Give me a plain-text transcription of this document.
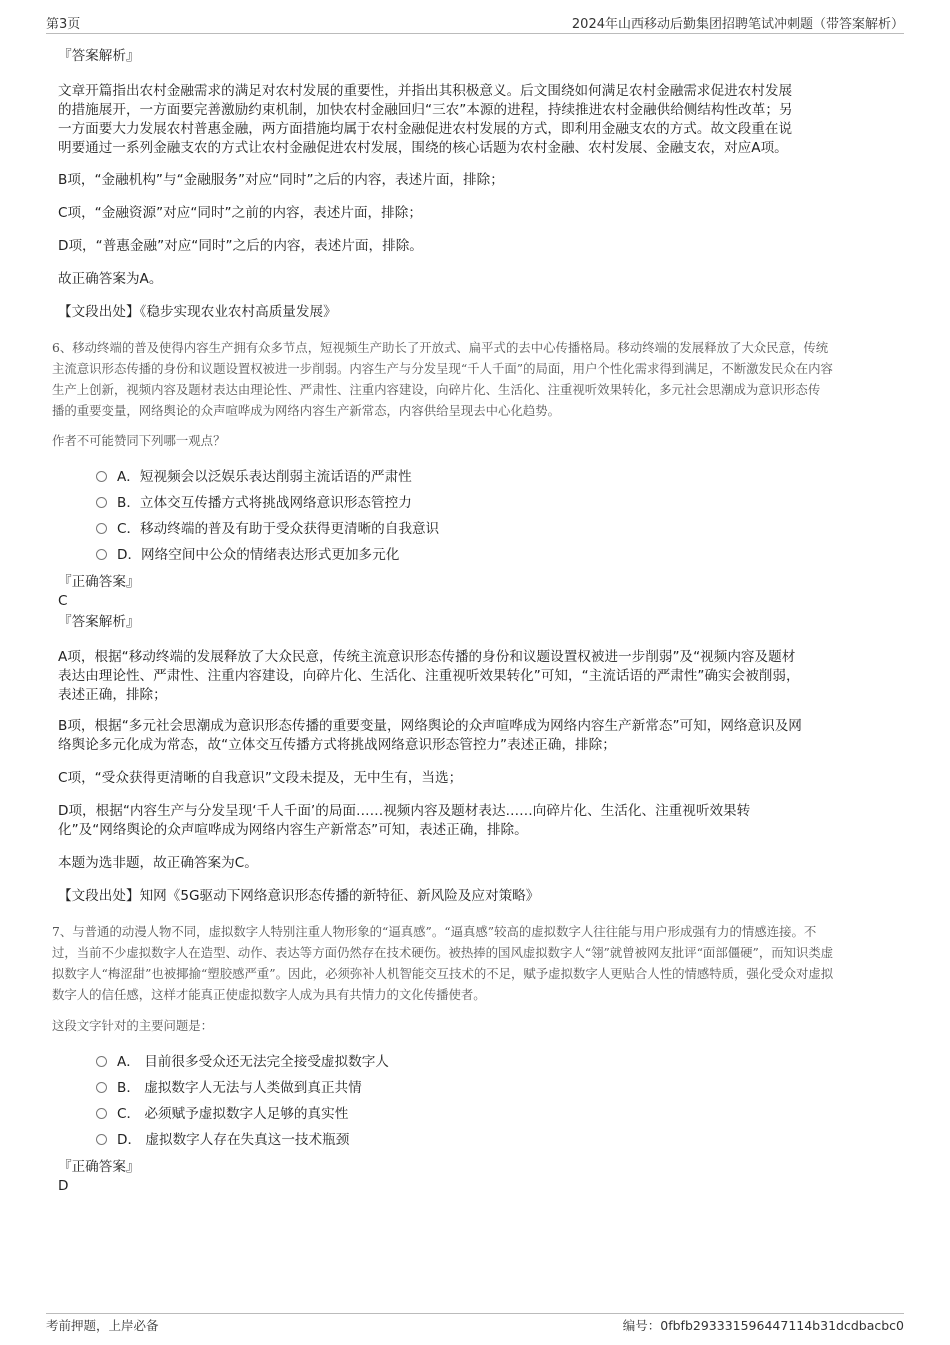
第3页	2024年山西移动后勤集团招聘笔试冲刺题（带答案解析）
『答案解析』
文章开篇指出农村金融需求的满足对农村发展的重要性，并指出其积极意义。后文围绕如何满足农村金融需求促进农村发展
的措施展开，一方面要完善激励约束机制，加快农村金融回归“三农”本源的进程，持续推进农村金融供给侧结构性改革；另
一方面要大力发展农村普惠金融，两方面措施均属于农村金融促进农村发展的方式，即利用金融支农的方式。故文段重在说
明要通过一系列金融支农的方式让农村金融促进农村发展，围绕的核心话题为农村金融、农村发展、金融支农，对应A项。
B项，“金融机构”与“金融服务”对应“同时”之后的内容，表述片面，排除；
C项，“金融资源”对应“同时”之前的内容，表述片面，排除；
D项，“普惠金融”对应“同时”之后的内容，表述片面，排除。
故正确答案为A。
【文段出处】《稳步实现农业农村高质量发展》
6、移动终端的普及使得内容生产拥有众多节点，短视频生产助长了开放式、扁平式的去中心传播格局。移动终端的发展释放了大众民意，传统
主流意识形态传播的身份和议题设置权被进一步削弱。内容生产与分发呈现“千人千面”的局面，用户个性化需求得到满足，不断激发民众在内容
生产上创新，视频内容及题材表达由理论性、严肃性、注重内容建设，向碎片化、生活化、注重视听效果转化，多元社会思潮成为意识形态传
播的重要变量，网络舆论的众声喧哗成为网络内容生产新常态，内容供给呈现去中心化趋势。
作者不可能赞同下列哪一观点？
A．短视频会以泛娱乐表达削弱主流话语的严肃性
B．立体交互传播方式将挑战网络意识形态管控力
C．移动终端的普及有助于受众获得更清晰的自我意识
D．网络空间中公众的情绪表达形式更加多元化
『正确答案』
C
『答案解析』
A项，根据“移动终端的发展释放了大众民意，传统主流意识形态传播的身份和议题设置权被进一步削弱”及“视频内容及题材
表达由理论性、严肃性、注重内容建设，向碎片化、生活化、注重视听效果转化”可知，“主流话语的严肃性”确实会被削弱，
表述正确，排除；
B项，根据“多元社会思潮成为意识形态传播的重要变量，网络舆论的众声喧哗成为网络内容生产新常态”可知，网络意识及网
络舆论多元化成为常态，故“立体交互传播方式将挑战网络意识形态管控力”表述正确，排除；
C项，“受众获得更清晰的自我意识”文段未提及，无中生有，当选；
D项，根据“内容生产与分发呈现‘千人千面’的局面……视频内容及题材表达……向碎片化、生活化、注重视听效果转
化”及“网络舆论的众声喧哗成为网络内容生产新常态”可知，表述正确，排除。
本题为选非题，故正确答案为C。
【文段出处】知网《5G驱动下网络意识形态传播的新特征、新风险及应对策略》
7、与普通的动漫人物不同，虚拟数字人特别注重人物形象的“逼真感”。“逼真感”较高的虚拟数字人往往能与用户形成强有力的情感连接。不
过，当前不少虚拟数字人在造型、动作、表达等方面仍然存在技术硬伤。被热捧的国风虚拟数字人“翎”就曾被网友批评“面部僵硬”，而知识类虚
拟数字人“梅涩甜”也被揶揄“塑胶感严重”。因此，必须弥补人机智能交互技术的不足，赋予虚拟数字人更贴合人性的情感特质，强化受众对虚拟
数字人的信任感，这样才能真正使虚拟数字人成为具有共情力的文化传播使者。
这段文字针对的主要问题是：
A． 目前很多受众还无法完全接受虚拟数字人
B． 虚拟数字人无法与人类做到真正共情
C． 必须赋予虚拟数字人足够的真实性
D． 虚拟数字人存在失真这一技术瓶颈
『正确答案』
D
考前押题，上岸必备	编号：0fbfb293331596447114b31dcdbacbc0
